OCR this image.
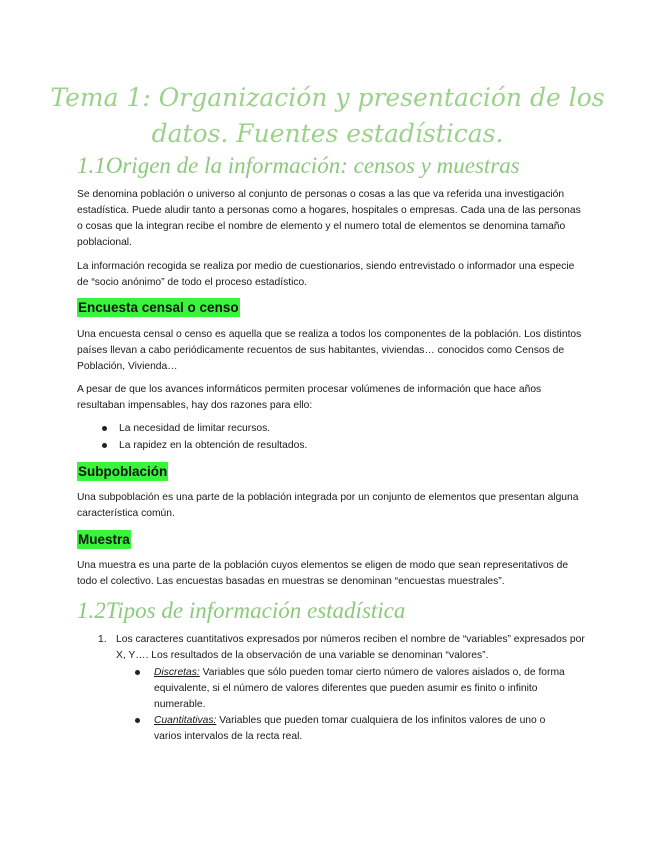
Tema 1: Organización y presentación de los datos. Fuentes estadísticas.
1.1Origen de la información: censos y muestras
Se denomina población o universo al conjunto de personas o cosas a las que va referida una investigación estadística. Puede aludir tanto a personas como a hogares, hospitales o empresas. Cada una de las personas o cosas que la integran recibe el nombre de elemento y el numero total de elementos se denomina tamaño poblacional.
La información recogida se realiza por medio de cuestionarios, siendo entrevistado o informador una especie de “socio anónimo” de todo el proceso estadístico.
Encuesta censal o censo
Una encuesta censal o censo es aquella que se realiza a todos los componentes de la población. Los distintos países llevan a cabo periódicamente recuentos de sus habitantes, viviendas… conocidos como Censos de Población, Vivienda…
A pesar de que los avances informáticos permiten procesar volúmenes de información que hace años resultaban impensables, hay dos razones para ello:
La necesidad de limitar recursos.
La rapidez en la obtención de resultados.
Subpoblación
Una subpoblación es una parte de la población integrada por un conjunto de elementos que presentan alguna característica común.
Muestra
Una muestra es una parte de la población cuyos elementos se eligen de modo que sean representativos de todo el colectivo. Las encuestas basadas en muestras se denominan “encuestas muestrales”.
1.2Tipos de información estadística
1. Los caracteres cuantitativos expresados por números reciben el nombre de “variables” expresados por X, Y…. Los resultados de la observación de una variable se denominan “valores”.
Discretas: Variables que sólo pueden tomar cierto número de valores aislados o, de forma equivalente, si el número de valores diferentes que pueden asumir es finito o infinito numerable.
Cuantitativas: Variables que pueden tomar cualquiera de los infinitos valores de uno o varios intervalos de la recta real.
